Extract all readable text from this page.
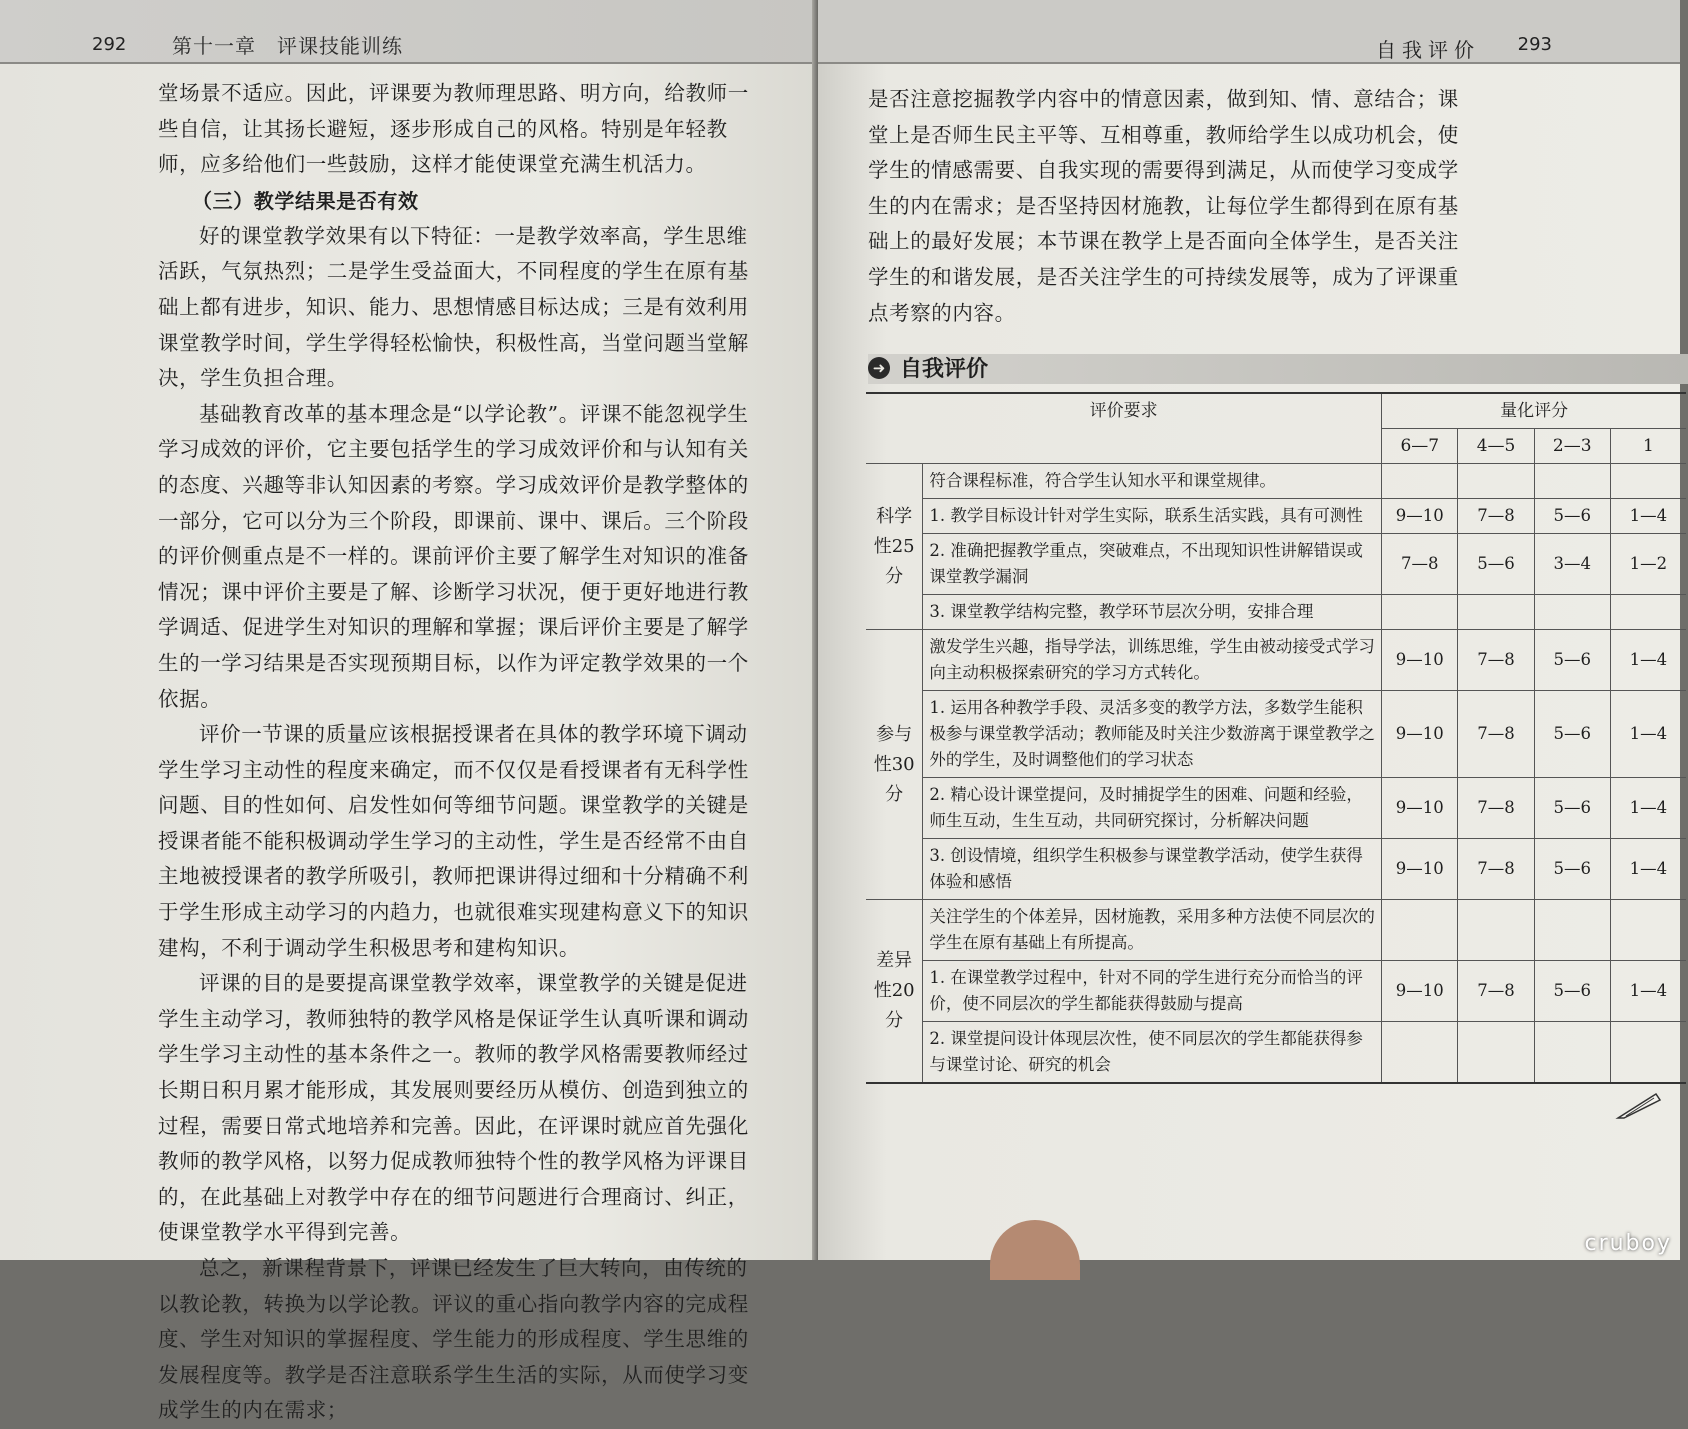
292 第十一章　评课技能训练

堂场景不适应。因此，评课要为教师理思路、明方向，给教师一些自信，让其扬长避短，逐步形成自己的风格。特别是年轻教师，应多给他们一些鼓励，这样才能使课堂充满生机活力。

（三）教学结果是否有效

好的课堂教学效果有以下特征：一是教学效率高，学生思维活跃，气氛热烈；二是学生受益面大，不同程度的学生在原有基础上都有进步，知识、能力、思想情感目标达成；三是有效利用课堂教学时间，学生学得轻松愉快，积极性高，当堂问题当堂解决，学生负担合理。

基础教育改革的基本理念是“以学论教”。评课不能忽视学生学习成效的评价，它主要包括学生的学习成效评价和与认知有关的态度、兴趣等非认知因素的考察。学习成效评价是教学整体的一部分，它可以分为三个阶段，即课前、课中、课后。三个阶段的评价侧重点是不一样的。课前评价主要了解学生对知识的准备情况；课中评价主要是了解、诊断学习状况，便于更好地进行教学调适、促进学生对知识的理解和掌握；课后评价主要是了解学生的一学习结果是否实现预期目标，以作为评定教学效果的一个依据。

评价一节课的质量应该根据授课者在具体的教学环境下调动学生学习主动性的程度来确定，而不仅仅是看授课者有无科学性问题、目的性如何、启发性如何等细节问题。课堂教学的关键是授课者能不能积极调动学生学习的主动性，学生是否经常不由自主地被授课者的教学所吸引，教师把课讲得过细和十分精确不利于学生形成主动学习的内趋力，也就很难实现建构意义下的知识建构，不利于调动学生积极思考和建构知识。

评课的目的是要提高课堂教学效率，课堂教学的关键是促进学生主动学习，教师独特的教学风格是保证学生认真听课和调动学生学习主动性的基本条件之一。教师的教学风格需要教师经过长期日积月累才能形成，其发展则要经历从模仿、创造到独立的过程，需要日常式地培养和完善。因此，在评课时就应首先强化教师的教学风格，以努力促成教师独特个性的教学风格为评课目的，在此基础上对教学中存在的细节问题进行合理商讨、纠正，使课堂教学水平得到完善。

总之，新课程背景下，评课已经发生了巨大转向，由传统的以教论教，转换为以学论教。评议的重心指向教学内容的完成程度、学生对知识的掌握程度、学生能力的形成程度、学生思维的发展程度等。教学是否注意联系学生生活的实际，从而使学习变成学生的内在需求；

自我评价 293

是否注意挖掘教学内容中的情意因素，做到知、情、意结合；课堂上是否师生民主平等、互相尊重，教师给学生以成功机会，使学生的情感需要、自我实现的需要得到满足，从而使学习变成学生的内在需求；是否坚持因材施教，让每位学生都得到在原有基础上的最好发展；本节课在教学上是否面向全体学生，是否关注学生的和谐发展，是否关注学生的可持续发展等，成为了评课重点考察的内容。

➜ 自我评价
评价要求		量化评分			
		6—7	4—5	2—3	1
科学性25分	符合课程标准，符合学生认知水平和课堂规律。				
	1. 教学目标设计针对学生实际，联系生活实践，具有可测性	9—10	7—8	5—6	1—4
	2. 准确把握教学重点，突破难点，不出现知识性讲解错误或课堂教学漏洞	7—8	5—6	3—4	1—2
	3. 课堂教学结构完整，教学环节层次分明，安排合理				
参与性30分	激发学生兴趣，指导学法，训练思维，学生由被动接受式学习向主动积极探索研究的学习方式转化。	9—10	7—8	5—6	1—4
	1. 运用各种教学手段、灵活多变的教学方法，多数学生能积极参与课堂教学活动；教师能及时关注少数游离于课堂教学之外的学生，及时调整他们的学习状态	9—10	7—8	5—6	1—4
	2. 精心设计课堂提问，及时捕捉学生的困难、问题和经验，师生互动，生生互动，共同研究探讨，分析解决问题	9—10	7—8	5—6	1—4
	3. 创设情境，组织学生积极参与课堂教学活动，使学生获得体验和感悟	9—10	7—8	5—6	1—4
差异性20分	关注学生的个体差异，因材施教，采用多种方法使不同层次的学生在原有基础上有所提高。				
	1. 在课堂教学过程中，针对不同的学生进行充分而恰当的评价，使不同层次的学生都能获得鼓励与提高	9—10	7—8	5—6	1—4
	2. 课堂提问设计体现层次性，使不同层次的学生都能获得参与课堂讨论、研究的机会				
cruboy
